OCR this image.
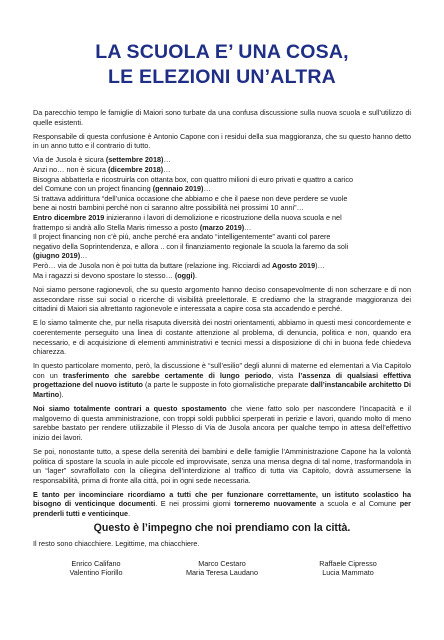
LA SCUOLA E’ UNA COSA,
LE ELEZIONI UN’ALTRA

Da parecchio tempo le famiglie di Maiori sono turbate da una confusa discussione sulla nuova scuola e sull’utilizzo di quelle esistenti.

Responsabile di questa confusione è Antonio Capone con i residui della sua maggioranza, che su questo hanno detto in un anno tutto e il contrario di tutto.

Via de Jusola è sicura (settembre 2018)…
Anzi no… non è sicura (dicembre 2018)…
Bisogna abbatterla e ricostruirla con ottanta box, con quattro milioni di euro privati e quattro a carico
del Comune con un project financing (gennaio 2019)…
Si trattava addirittura “dell’unica occasione che abbiamo e che il paese non deve perdere se vuole
bene ai nostri bambini perché non ci saranno altre possibilità nei prossimi 10 anni”…
Entro dicembre 2019 inizieranno i lavori di demolizione e ricostruzione della nuova scuola e nel
frattempo si andrà allo Stella Maris rimesso a posto (marzo 2019)…
Il project financing non c’è più, anche perché era andato “intelligentemente” avanti col parere
negativo della Soprintendenza, e allora .. con il finanziamento regionale la scuola la faremo da soli
(giugno 2019)…
Però… via de Jusola non è poi tutta da buttare (relazione ing. Ricciardi ad Agosto 2019)…
Ma i ragazzi si devono spostare lo stesso… (oggi).

Noi siamo persone ragionevoli, che su questo argomento hanno deciso consapevolmente di non scherzare e di non assecondare risse sui social o ricerche di visibilità preelettorale. E crediamo che la stragrande maggioranza dei cittadini di Maiori sia altrettanto ragionevole e interessata a capire cosa sta accadendo e perché.

E lo siamo talmente che, pur nella risaputa diversità dei nostri orientamenti, abbiamo in questi mesi concordemente e coerentemente perseguito una linea di costante attenzione al problema, di denuncia, politica e non, quando era necessario, e di acquisizione di elementi amministrativi e tecnici messi a disposizione di chi in buona fede chiedeva chiarezza.

In questo particolare momento, però, la discussione è “sull’esilio” degli alunni di materne ed elementari a Via Capitolo con un trasferimento che sarebbe certamente di lungo periodo, vista l’assenza di qualsiasi effettiva progettazione del nuovo istituto (a parte le supposte in foto giornalistiche preparate dall’instancabile architetto Di Martino).

Noi siamo totalmente contrari a questo spostamento che viene fatto solo per nascondere l’incapacità e il malgoverno di questa amministrazione, con troppi soldi pubblici sperperati in perizie e lavori, quando molto di meno sarebbe bastato per rendere utilizzabile il Plesso di Via de Jusola ancora per qualche tempo in attesa dell’effettivo inizio dei lavori.

Se poi, nonostante tutto, a spese della serenità dei bambini e delle famiglie l’Amministrazione Capone ha la volontà politica di spostare la scuola in aule piccole ed improvvisate, senza una mensa degna di tal nome, trasformandola in un “lager” sovraffollato con la ciliegina dell’interdizione al traffico di tutta via Capitolo, dovrà assumersene la responsabilità, prima di fronte alla città, poi in ogni sede necessaria.

E tanto per incominciare ricordiamo a tutti che per funzionare correttamente, un istituto scolastico ha bisogno di venticinque documenti. E nei prossimi giorni torneremo nuovamente a scuola e al Comune per prenderli tutti e venticinque.

Questo è l’impegno che noi prendiamo con la città.
Il resto sono chiacchiere. Legittime, ma chiacchiere.
Enrico Califano
Valentino Fiorillo
Marco Cestaro
Maria Teresa Laudano
Raffaele Cipresso
Lucia Mammato
